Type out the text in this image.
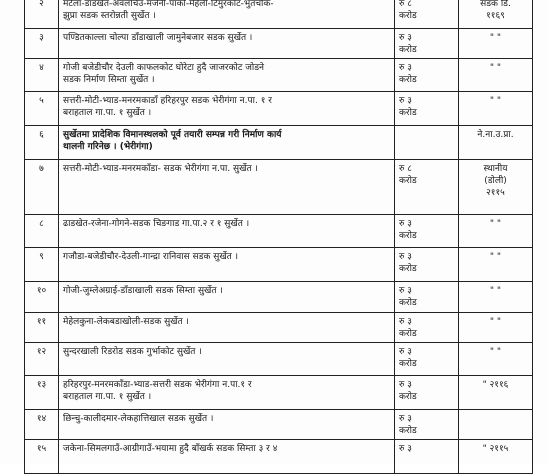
२	मटेला-डाडखेत-अवलचिउ-मजेनी-पार्का-मेहेली-टिमुरकोट-भुतचौक-
झुप्रा सडक स्तरोन्नती सुर्खेत ।	रु ८
करोड	सडक डि.
११६९

३	पण्डितकाल्ला चोल्पा डाँडाखाली जामुनेबजार सडक सुर्खेत ।	रु ३
करोड	" "

४	गोजी बजेडीचौर देउली काफलकोट घोरेटा हुदै जाजरकोट जोडने
सडक निर्माण सिम्ता सुर्खेत ।	रु ३
करोड	" "

५	सत्तरी-मोटी-भ्याड-मनरमकाडाँ हरिहरपुर सडक भेरीगंगा न.पा. १ र
बराहताल गा.पा. १ सुर्खेत ।	रु ३
करोड	" "

६	सुर्खेतमा प्रादेशिक विमानस्थलको पूर्व तयारी सम्पन्न गरी निर्माण कार्य
थालनी गरिनेछ । (भेरीगंगा)		ने.ना.उ.प्रा.

७	सत्तरी-मोटी-भ्याड-मनरमकाँडा- सडक भेरीगंगा न.पा. सुर्खेत ।	रु ८
करोड	स्थानीय
(डोली)
२११५

८	ढाडखेत-रजेना-गोगने-सडक चिङगाड गा.पा.२ र १ सुर्खेत ।	रु ३
करोड	" "

९	गजौडा-बजेडीचौर-देउली-गान्द्रा रानिवास सडक सुर्खेत ।	रु ३
करोड	" "

१०	गोजी-जुम्लेअग्राई-डाँडाखाली सडक सिम्ता सुर्खेत ।	रु ३
करोड	" "

११	मेहेलकुना-लेकबडाखोली-सडक सुर्खेत ।	रु ३
करोड	" "

१२	सुन्दरखाली रिडरोड सडक गुर्भाकोट सुर्खेत ।	रु ३
करोड	" "

१३	हरिहरपुर-मनरमकाँडा-भ्याड-सत्तरी सडक भेरीगंगा न.पा.१ र
बराहताल गा.पा. १ सुर्खेत ।	रु ३
करोड	" २११६

१४	छिन्चु-कालीदमार-लेकहात्तिखाल सडक सुर्खेत ।	रु ३
करोड	

१५	जकेना-सिमलगाउँ-आग्रीगाउँ-भयामा हुदै बाँखर्क सडक सिम्ता ३ र ४	रु ३	" २११५
